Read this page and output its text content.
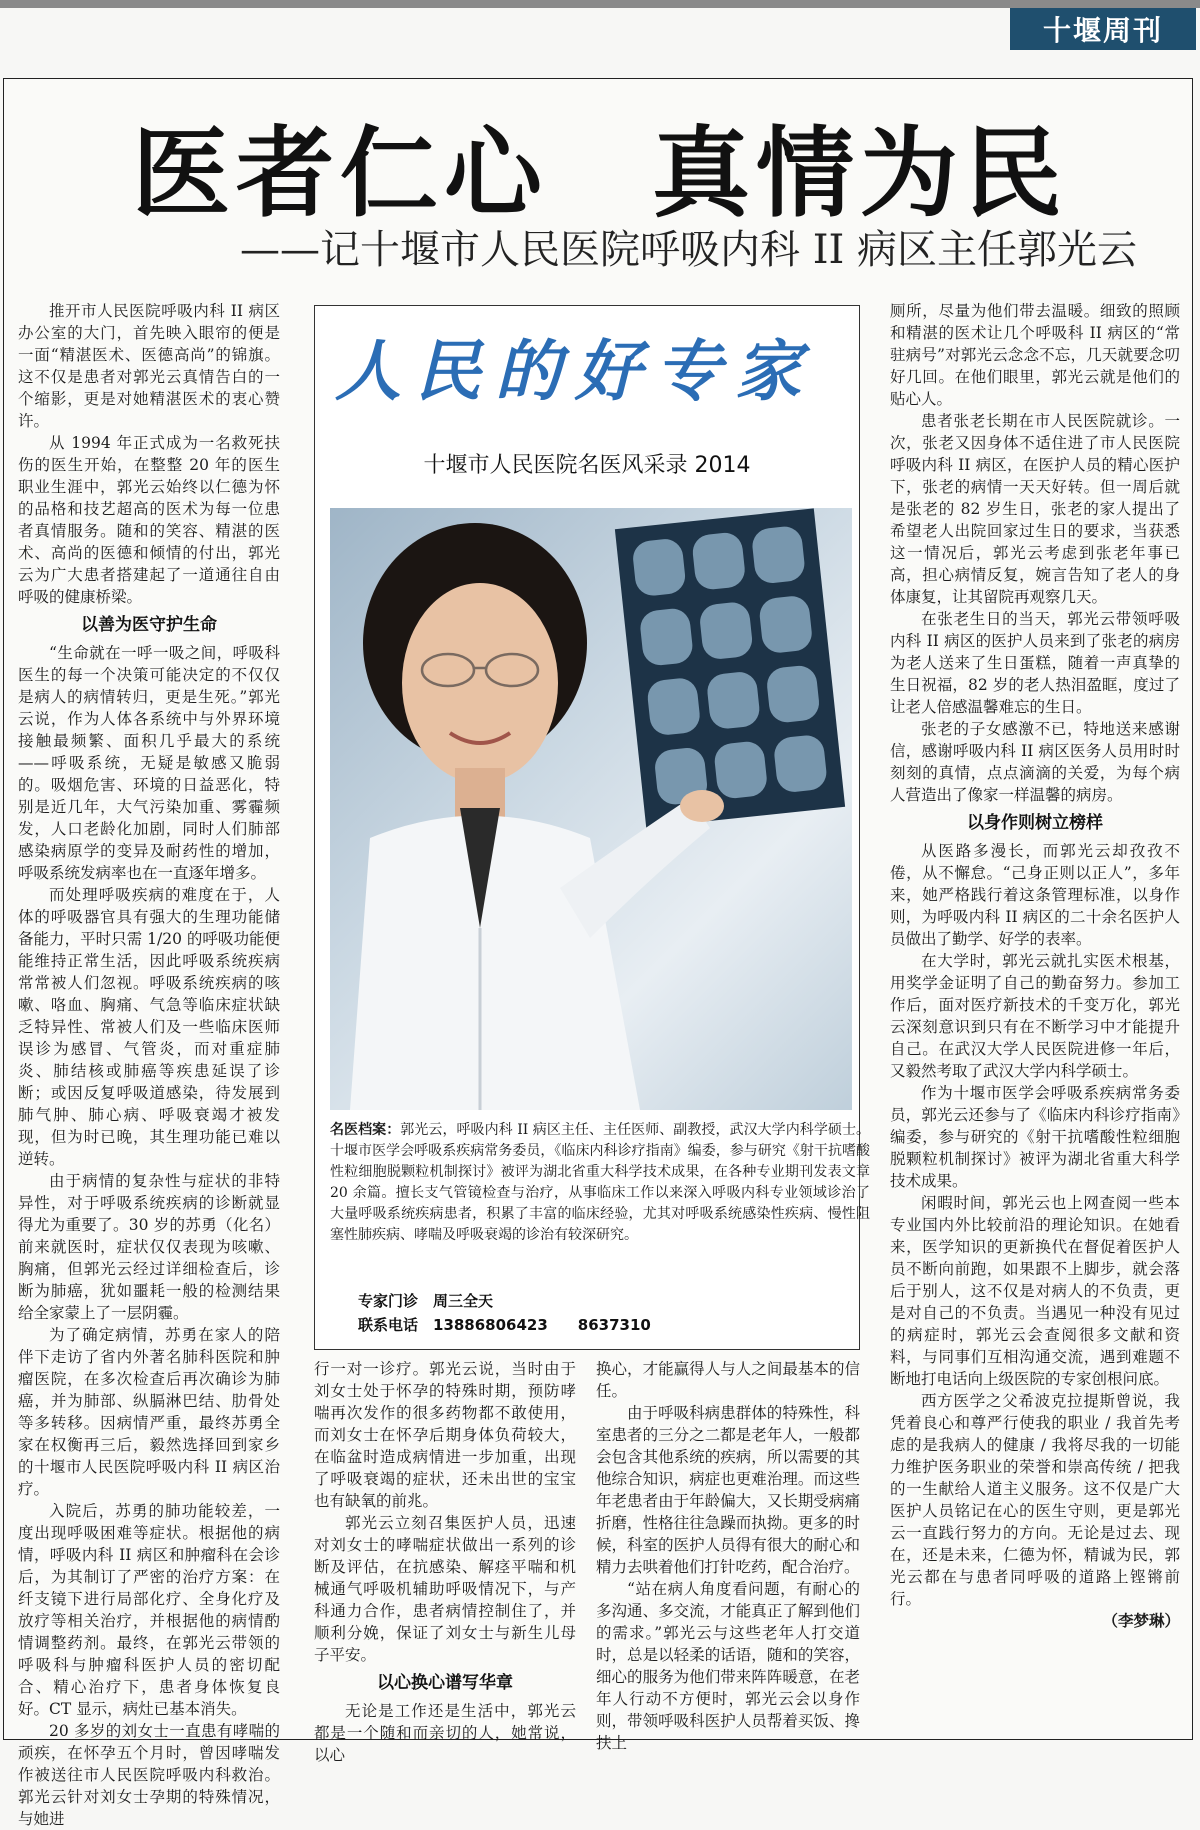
十堰周刊
医者仁心　真情为民
——记十堰市人民医院呼吸内科 II 病区主任郭光云

推开市人民医院呼吸内科 II 病区办公室的大门，首先映入眼帘的便是一面“精湛医术、医德高尚”的锦旗。这不仅是患者对郭光云真情告白的一个缩影，更是对她精湛医术的衷心赞许。

从 1994 年正式成为一名救死扶伤的医生开始，在整整 20 年的医生职业生涯中，郭光云始终以仁德为怀的品格和技艺超高的医术为每一位患者真情服务。随和的笑容、精湛的医术、高尚的医德和倾情的付出，郭光云为广大患者搭建起了一道通往自由呼吸的健康桥梁。

以善为医守护生命

“生命就在一呼一吸之间，呼吸科医生的每一个决策可能决定的不仅仅是病人的病情转归，更是生死。”郭光云说，作为人体各系统中与外界环境接触最频繁、面积几乎最大的系统——呼吸系统，无疑是敏感又脆弱的。吸烟危害、环境的日益恶化，特别是近几年，大气污染加重、雾霾频发，人口老龄化加剧，同时人们肺部感染病原学的变异及耐药性的增加，呼吸系统发病率也在一直逐年增多。

而处理呼吸疾病的难度在于，人体的呼吸器官具有强大的生理功能储备能力，平时只需 1/20 的呼吸功能便能维持正常生活，因此呼吸系统疾病常常被人们忽视。呼吸系统疾病的咳嗽、咯血、胸痛、气急等临床症状缺乏特异性、常被人们及一些临床医师误诊为感冒、气管炎，而对重症肺炎、肺结核或肺癌等疾患延误了诊断；或因反复呼吸道感染，待发展到肺气肿、肺心病、呼吸衰竭才被发现，但为时已晚，其生理功能已难以逆转。

由于病情的复杂性与症状的非特异性，对于呼吸系统疾病的诊断就显得尤为重要了。30 岁的苏勇（化名）前来就医时，症状仅仅表现为咳嗽、胸痛，但郭光云经过详细检查后，诊断为肺癌，犹如噩耗一般的检测结果给全家蒙上了一层阴霾。

为了确定病情，苏勇在家人的陪伴下走访了省内外著名肺科医院和肿瘤医院，在多次检查后再次确诊为肺癌，并为肺部、纵膈淋巴结、肋骨处等多转移。因病情严重，最终苏勇全家在权衡再三后，毅然选择回到家乡的十堰市人民医院呼吸内科 II 病区治疗。

入院后，苏勇的肺功能较差，一度出现呼吸困难等症状。根据他的病情，呼吸内科 II 病区和肿瘤科在会诊后，为其制订了严密的治疗方案：在纤支镜下进行局部化疗、全身化疗及放疗等相关治疗，并根据他的病情酌情调整药剂。最终，在郭光云带领的呼吸科与肿瘤科医护人员的密切配合、精心治疗下，患者身体恢复良好。CT 显示，病灶已基本消失。

20 多岁的刘女士一直患有哮喘的顽疾，在怀孕五个月时，曾因哮喘发作被送往市人民医院呼吸内科救治。郭光云针对刘女士孕期的特殊情况，与她进

人民的好专家
十堰市人民医院名医风采录 2014
名医档案：郭光云，呼吸内科 II 病区主任、主任医师、副教授，武汉大学内科学硕士。十堰市医学会呼吸系疾病常务委员，《临床内科诊疗指南》编委，参与研究《射干抗嗜酸性粒细胞脱颗粒机制探讨》被评为湖北省重大科学技术成果，在各种专业期刊发表文章 20 余篇。擅长支气管镜检查与治疗，从事临床工作以来深入呼吸内科专业领域诊治了大量呼吸系统疾病患者，积累了丰富的临床经验，尤其对呼吸系统感染性疾病、慢性阻塞性肺疾病、哮喘及呼吸衰竭的诊治有较深研究。
专家门诊　周三全天
联系电话　13886806423　　8637310

行一对一诊疗。郭光云说，当时由于刘女士处于怀孕的特殊时期，预防哮喘再次发作的很多药物都不敢使用，而刘女士在怀孕后期身体负荷较大，在临盆时造成病情进一步加重，出现了呼吸衰竭的症状，还未出世的宝宝也有缺氧的前兆。

郭光云立刻召集医护人员，迅速对刘女士的哮喘症状做出一系列的诊断及评估，在抗感染、解痉平喘和机械通气呼吸机辅助呼吸情况下，与产科通力合作，患者病情控制住了，并顺利分娩，保证了刘女士与新生儿母子平安。

以心换心谱写华章

无论是工作还是生活中，郭光云都是一个随和而亲切的人，她常说，以心

换心，才能赢得人与人之间最基本的信任。

由于呼吸科病患群体的特殊性，科室患者的三分之二都是老年人，一般都会包含其他系统的疾病，所以需要的其他综合知识，病症也更难治理。而这些年老患者由于年龄偏大，又长期受病痛折磨，性格往往急躁而执拗。更多的时候，科室的医护人员得有很大的耐心和精力去哄着他们打针吃药，配合治疗。

“站在病人角度看问题，有耐心的多沟通、多交流，才能真正了解到他们的需求。”郭光云与这些老年人打交道时，总是以轻柔的话语，随和的笑容，细心的服务为他们带来阵阵暖意，在老年人行动不方便时，郭光云会以身作则，带领呼吸科医护人员帮着买饭、搀扶上

厕所，尽量为他们带去温暖。细致的照顾和精湛的医术让几个呼吸科 II 病区的“常驻病号”对郭光云念念不忘，几天就要念叨好几回。在他们眼里，郭光云就是他们的贴心人。

患者张老长期在市人民医院就诊。一次，张老又因身体不适住进了市人民医院呼吸内科 II 病区，在医护人员的精心医护下，张老的病情一天天好转。但一周后就是张老的 82 岁生日，张老的家人提出了希望老人出院回家过生日的要求，当获悉这一情况后，郭光云考虑到张老年事已高，担心病情反复，婉言告知了老人的身体康复，让其留院再观察几天。

在张老生日的当天，郭光云带领呼吸内科 II 病区的医护人员来到了张老的病房为老人送来了生日蛋糕，随着一声真挚的生日祝福，82 岁的老人热泪盈眶，度过了让老人倍感温馨难忘的生日。

张老的子女感激不已，特地送来感谢信，感谢呼吸内科 II 病区医务人员用时时刻刻的真情，点点滴滴的关爱，为每个病人营造出了像家一样温馨的病房。

以身作则树立榜样

从医路多漫长，而郭光云却孜孜不倦，从不懈怠。“己身正则以正人”，多年来，她严格践行着这条管理标准，以身作则，为呼吸内科 II 病区的二十余名医护人员做出了勤学、好学的表率。

在大学时，郭光云就扎实医术根基，用奖学金证明了自己的勤奋努力。参加工作后，面对医疗新技术的千变万化，郭光云深刻意识到只有在不断学习中才能提升自己。在武汉大学人民医院进修一年后，又毅然考取了武汉大学内科学硕士。

作为十堰市医学会呼吸系疾病常务委员，郭光云还参与了《临床内科诊疗指南》编委，参与研究的《射干抗嗜酸性粒细胞脱颗粒机制探讨》被评为湖北省重大科学技术成果。

闲暇时间，郭光云也上网查阅一些本专业国内外比较前沿的理论知识。在她看来，医学知识的更新换代在督促着医护人员不断向前跑，如果跟不上脚步，就会落后于别人，这不仅是对病人的不负责，更是对自己的不负责。当遇见一种没有见过的病症时，郭光云会查阅很多文献和资料，与同事们互相沟通交流，遇到难题不断地打电话向上级医院的专家创根问底。

西方医学之父希波克拉提斯曾说，我凭着良心和尊严行使我的职业 / 我首先考虑的是我病人的健康 / 我将尽我的一切能力维护医务职业的荣誉和崇高传统 / 把我的一生献给人道主义服务。这不仅是广大医护人员铭记在心的医生守则，更是郭光云一直践行努力的方向。无论是过去、现在，还是未来，仁德为怀，精诚为民，郭光云都在与患者同呼吸的道路上铿锵前行。

（李梦琳）
